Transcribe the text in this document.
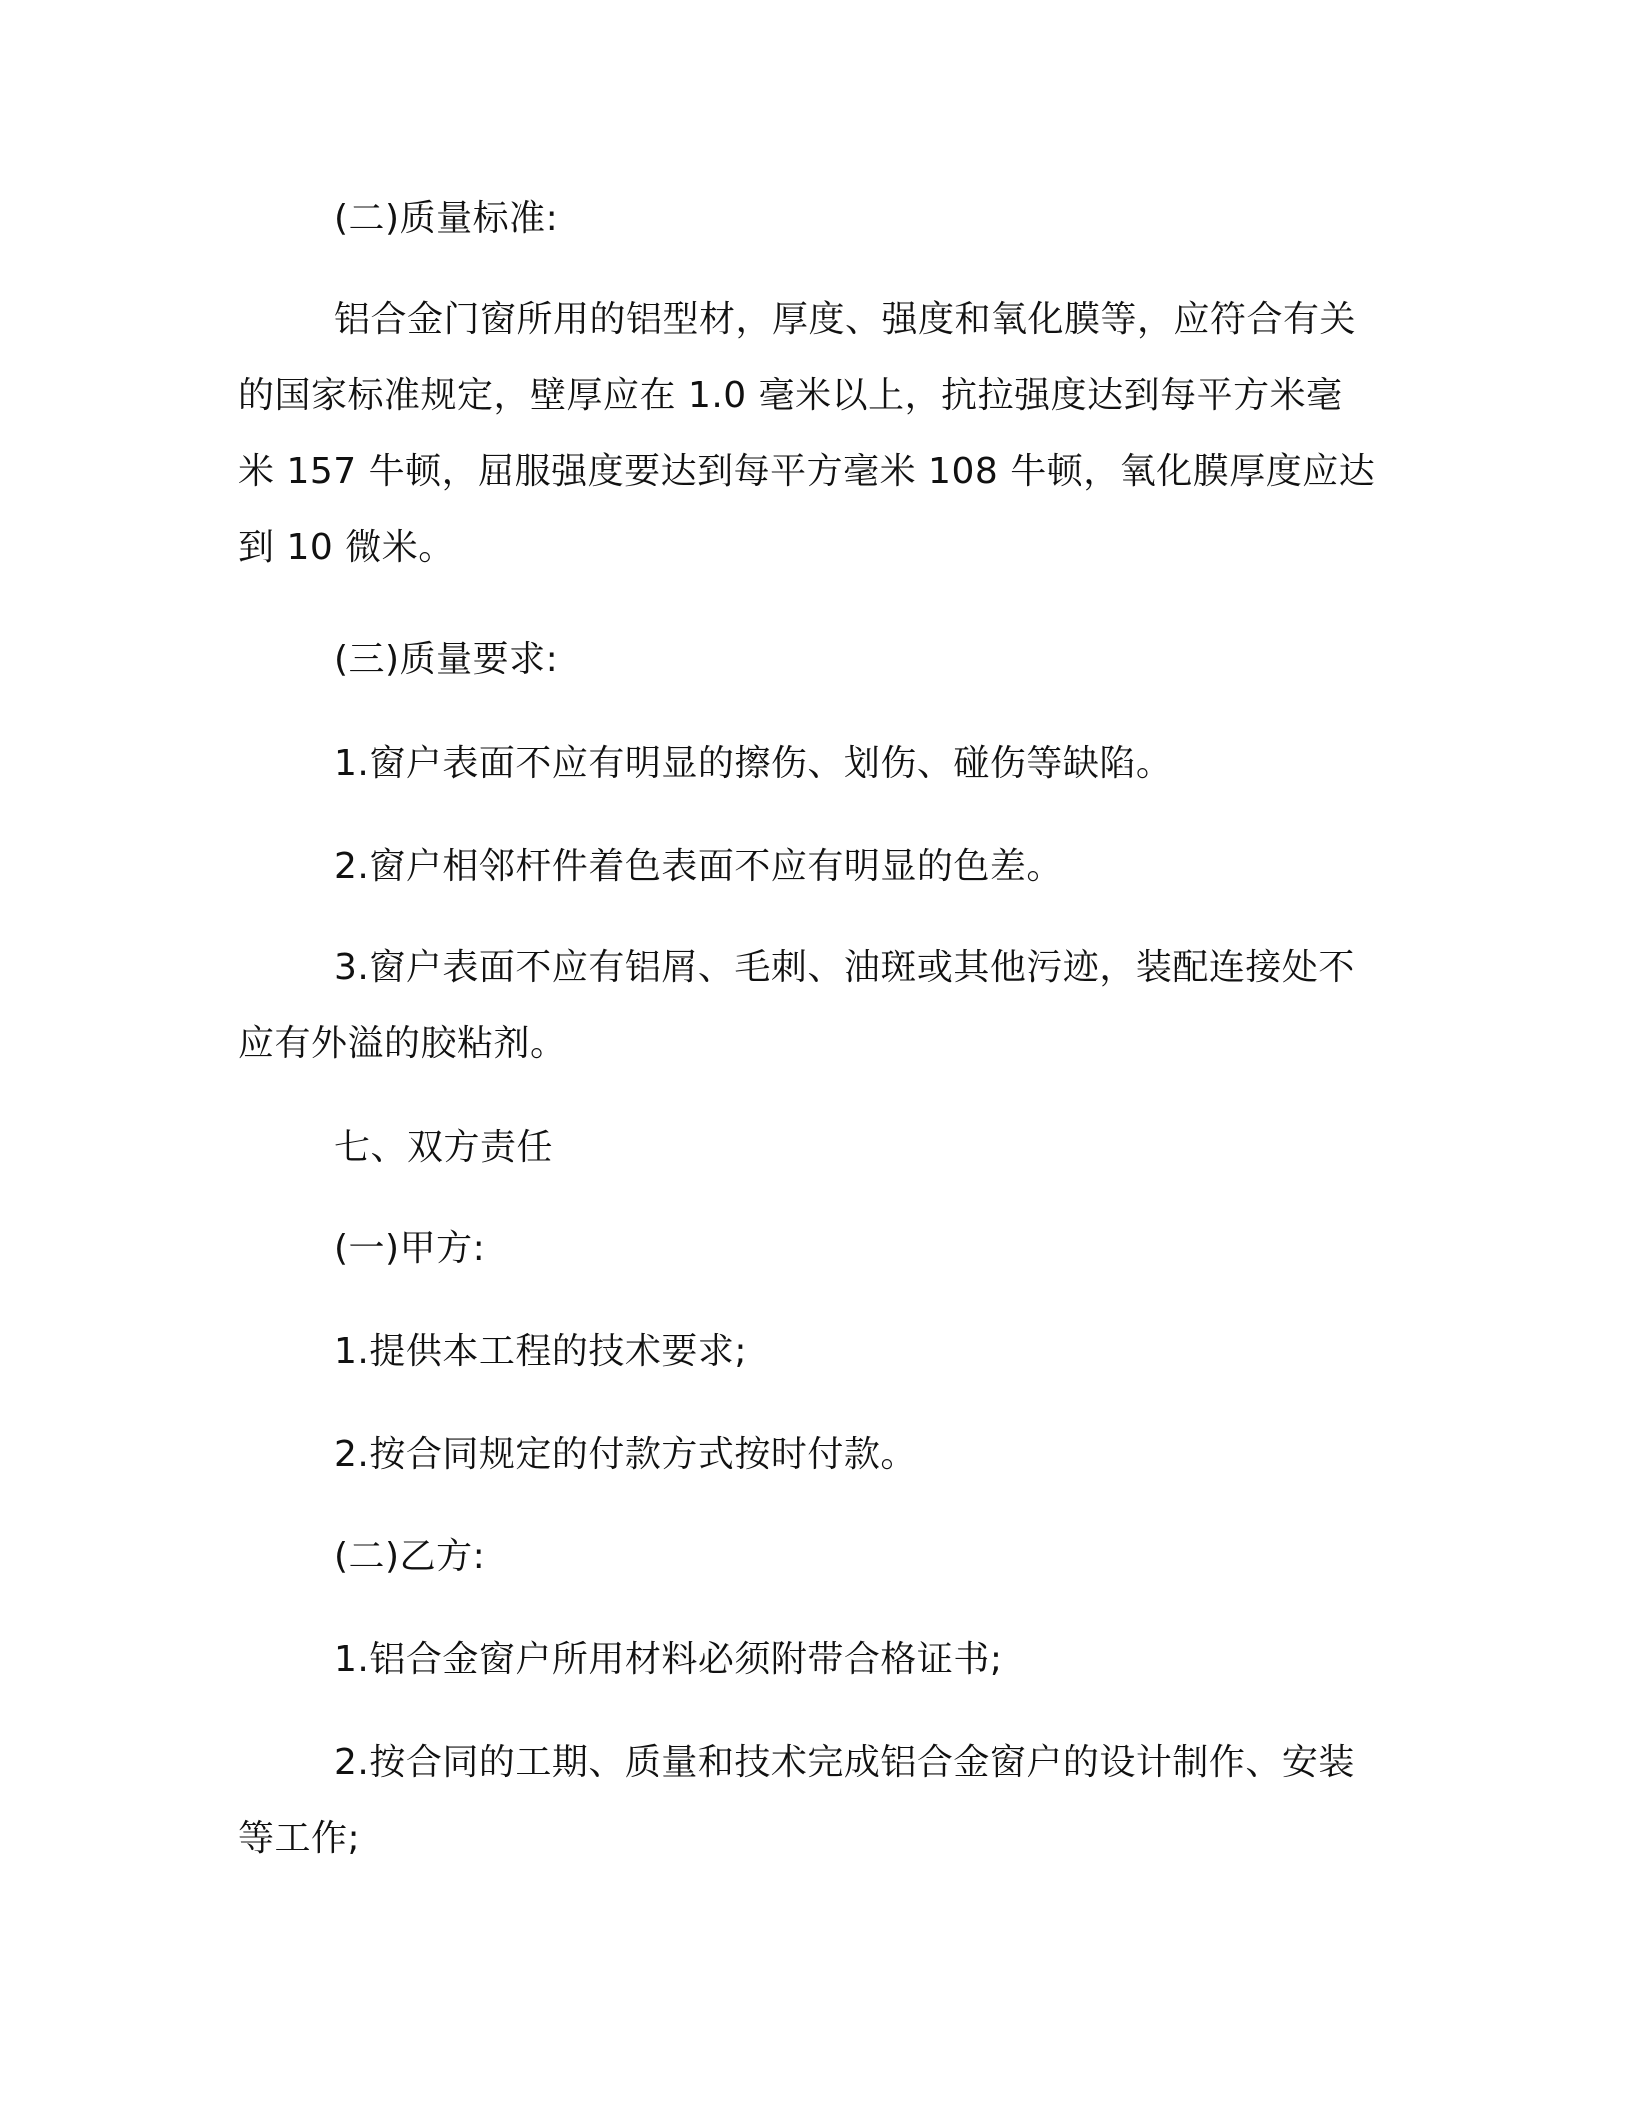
(二)质量标准:

铝合金门窗所用的铝型材，厚度、强度和氧化膜等，应符合有关的国家标准规定，壁厚应在 1.0 毫米以上，抗拉强度达到每平方米毫米 157 牛顿，屈服强度要达到每平方毫米 108 牛顿，氧化膜厚度应达到 10 微米。

(三)质量要求:

1.窗户表面不应有明显的擦伤、划伤、碰伤等缺陷。

2.窗户相邻杆件着色表面不应有明显的色差。

3.窗户表面不应有铝屑、毛刺、油斑或其他污迹，装配连接处不应有外溢的胶粘剂。

七、双方责任

(一)甲方:

1.提供本工程的技术要求;

2.按合同规定的付款方式按时付款。

(二)乙方:

1.铝合金窗户所用材料必须附带合格证书;

2.按合同的工期、质量和技术完成铝合金窗户的设计制作、安装等工作;
